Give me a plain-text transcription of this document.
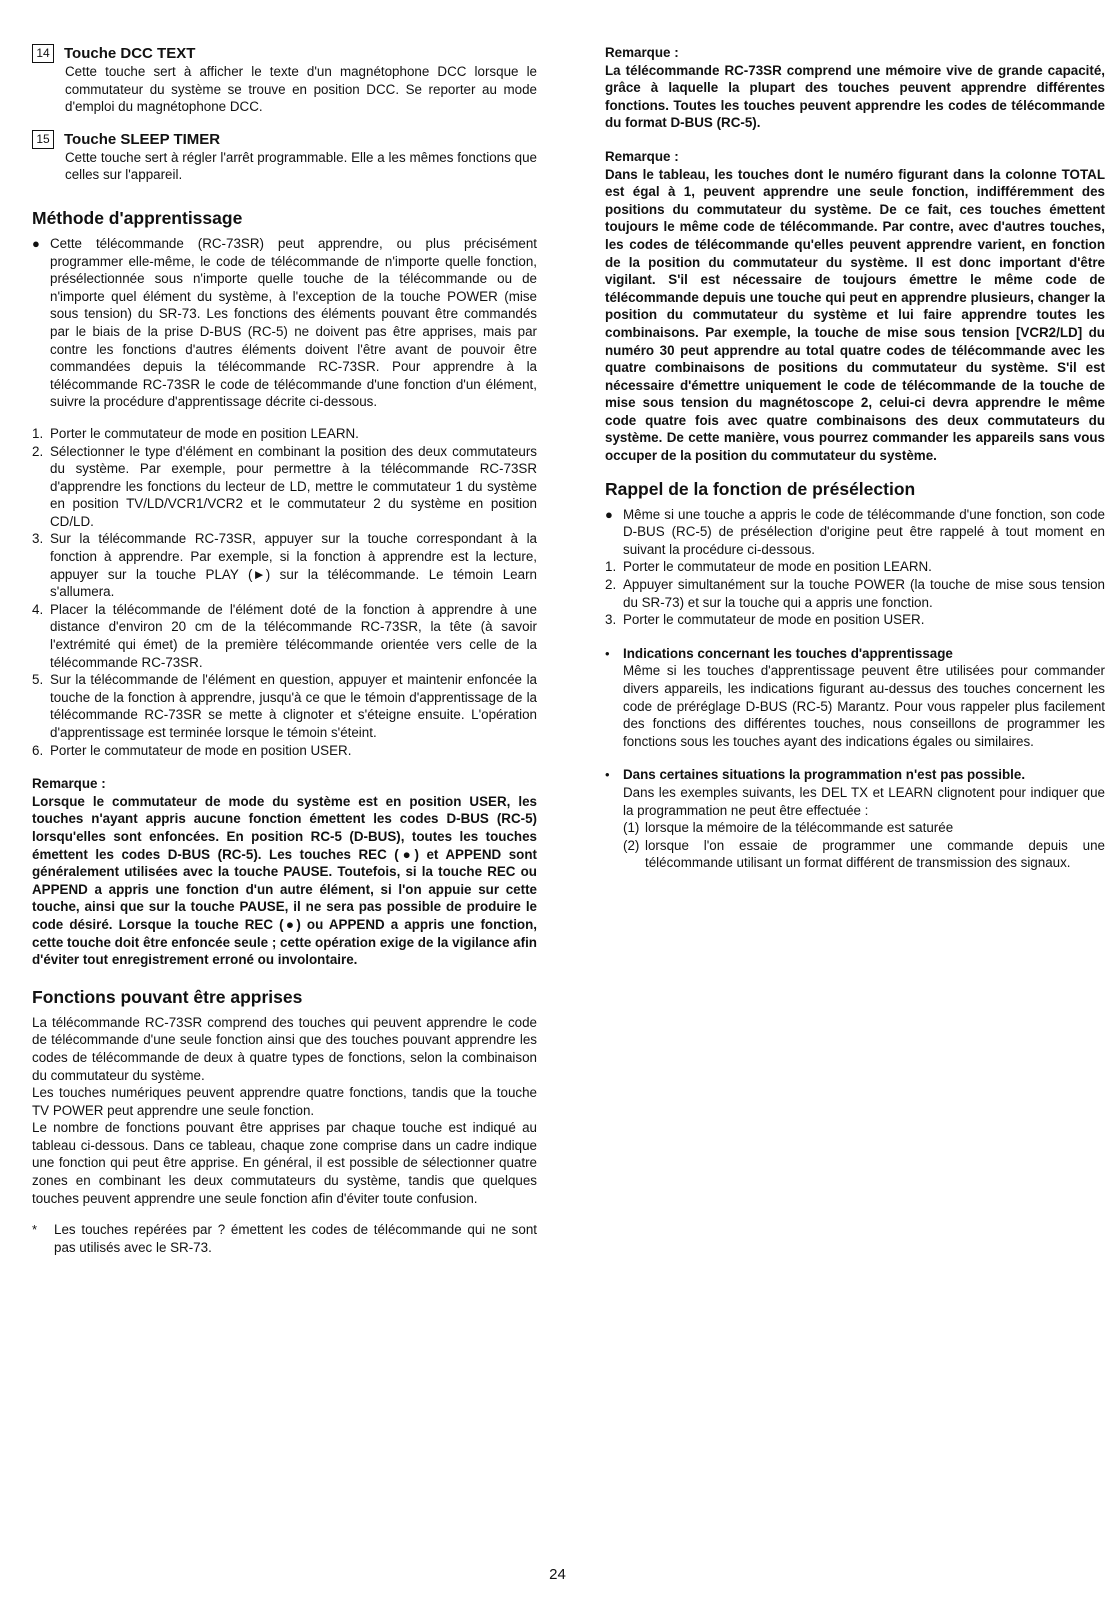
14 Touche DCC TEXT

Cette touche sert à afficher le texte d'un magnétophone DCC lorsque le commutateur du système se trouve en position DCC. Se reporter au mode d'emploi du magnétophone DCC.

15 Touche SLEEP TIMER

Cette touche sert à régler l'arrêt programmable. Elle a les mêmes fonctions que celles sur l'appareil.

Méthode d'apprentissage

● Cette télécommande (RC-73SR) peut apprendre, ou plus précisément programmer elle-même, le code de télécommande de n'importe quelle fonction, présélectionnée sous n'importe quelle touche de la télécommande ou de n'importe quel élément du système, à l'exception de la touche POWER (mise sous tension) du SR-73. Les fonctions des éléments pouvant être commandés par le biais de la prise D-BUS (RC-5) ne doivent pas être apprises, mais par contre les fonctions d'autres éléments doivent l'être avant de pouvoir être commandées depuis la télécommande RC-73SR. Pour apprendre à la télécommande RC-73SR le code de télécommande d'une fonction d'un élément, suivre la procédure d'apprentissage décrite ci-dessous.

1. Porter le commutateur de mode en position LEARN.

2. Sélectionner le type d'élément en combinant la position des deux commutateurs du système. Par exemple, pour permettre à la télécommande RC-73SR d'apprendre les fonctions du lecteur de LD, mettre le commutateur 1 du système en position TV/LD/VCR1/VCR2 et le commutateur 2 du système en position CD/LD.

3. Sur la télécommande RC-73SR, appuyer sur la touche correspondant à la fonction à apprendre. Par exemple, si la fonction à apprendre est la lecture, appuyer sur la touche PLAY (►) sur la télécommande. Le témoin Learn s'allumera.

4. Placer la télécommande de l'élément doté de la fonction à apprendre à une distance d'environ 20 cm de la télécommande RC-73SR, la tête (à savoir l'extrémité qui émet) de la première télécommande orientée vers celle de la télécommande RC-73SR.

5. Sur la télécommande de l'élément en question, appuyer et maintenir enfoncée la touche de la fonction à apprendre, jusqu'à ce que le témoin d'apprentissage de la télécommande RC-73SR se mette à clignoter et s'éteigne ensuite. L'opération d'apprentissage est terminée lorsque le témoin s'éteint.

6. Porter le commutateur de mode en position USER.

Remarque :

Lorsque le commutateur de mode du système est en position USER, les touches n'ayant appris aucune fonction émettent les codes D-BUS (RC-5) lorsqu'elles sont enfoncées. En position RC-5 (D-BUS), toutes les touches émettent les codes D-BUS (RC-5). Les touches REC (●) et APPEND sont généralement utilisées avec la touche PAUSE. Toutefois, si la touche REC ou APPEND a appris une fonction d'un autre élément, si l'on appuie sur cette touche, ainsi que sur la touche PAUSE, il ne sera pas possible de produire le code désiré. Lorsque la touche REC (●) ou APPEND a appris une fonction, cette touche doit être enfoncée seule ; cette opération exige de la vigilance afin d'éviter tout enregistrement erroné ou involontaire.

Fonctions pouvant être apprises

La télécommande RC-73SR comprend des touches qui peuvent apprendre le code de télécommande d'une seule fonction ainsi que des touches pouvant apprendre les codes de télécommande de deux à quatre types de fonctions, selon la combinaison du commutateur du système.

Les touches numériques peuvent apprendre quatre fonctions, tandis que la touche TV POWER peut apprendre une seule fonction.

Le nombre de fonctions pouvant être apprises par chaque touche est indiqué au tableau ci-dessous. Dans ce tableau, chaque zone comprise dans un cadre indique une fonction qui peut être apprise. En général, il est possible de sélectionner quatre zones en combinant les deux commutateurs du système, tandis que quelques touches peuvent apprendre une seule fonction afin d'éviter toute confusion.

*	Les touches repérées par ? émettent les codes de télécommande qui ne sont pas utilisés avec le SR-73.

Remarque :

La télécommande RC-73SR comprend une mémoire vive de grande capacité, grâce à laquelle la plupart des touches peuvent apprendre différentes fonctions. Toutes les touches peuvent apprendre les codes de télécommande du format D-BUS (RC-5).

Remarque :

Dans le tableau, les touches dont le numéro figurant dans la colonne TOTAL est égal à 1, peuvent apprendre une seule fonction, indifféremment des positions du commutateur du système. De ce fait, ces touches émettent toujours le même code de télécommande. Par contre, avec d'autres touches, les codes de télécommande qu'elles peuvent apprendre varient, en fonction de la position du commutateur du système. Il est donc important d'être vigilant. S'il est nécessaire de toujours émettre le même code de télécommande depuis une touche qui peut en apprendre plusieurs, changer la position du commutateur du système et lui faire apprendre toutes les combinaisons. Par exemple, la touche de mise sous tension [VCR2/LD] du numéro 30 peut apprendre au total quatre codes de télécommande avec les quatre combinaisons de positions du commutateur du système. S'il est nécessaire d'émettre uniquement le code de télécommande de la touche de mise sous tension du magnétoscope 2, celui-ci devra apprendre le même code quatre fois avec quatre combinaisons des deux commutateurs du système. De cette manière, vous pourrez commander les appareils sans vous occuper de la position du commutateur du système.

Rappel de la fonction de présélection

● Même si une touche a appris le code de télécommande d'une fonction, son code D-BUS (RC-5) de présélection d'origine peut être rappelé à tout moment en suivant la procédure ci-dessous.

1. Porter le commutateur de mode en position LEARN.

2. Appuyer simultanément sur la touche POWER (la touche de mise sous tension du SR-73) et sur la touche qui a appris une fonction.

3. Porter le commutateur de mode en position USER.

•	Indications concernant les touches d'apprentissage

Même si les touches d'apprentissage peuvent être utilisées pour commander divers appareils, les indications figurant au-dessus des touches concernent les code de préréglage D-BUS (RC-5) Marantz. Pour vous rappeler plus facilement des fonctions des différentes touches, nous conseillons de programmer les fonctions sous les touches ayant des indications égales ou similaires.

•	Dans certaines situations la programmation n'est pas possible.

Dans les exemples suivants, les DEL TX et LEARN clignotent pour indiquer que la programmation ne peut être effectuée :

(1) lorsque la mémoire de la télécommande est saturée

(2) lorsque l'on essaie de programmer une commande depuis une télécommande utilisant un format différent de transmission des signaux.

24
